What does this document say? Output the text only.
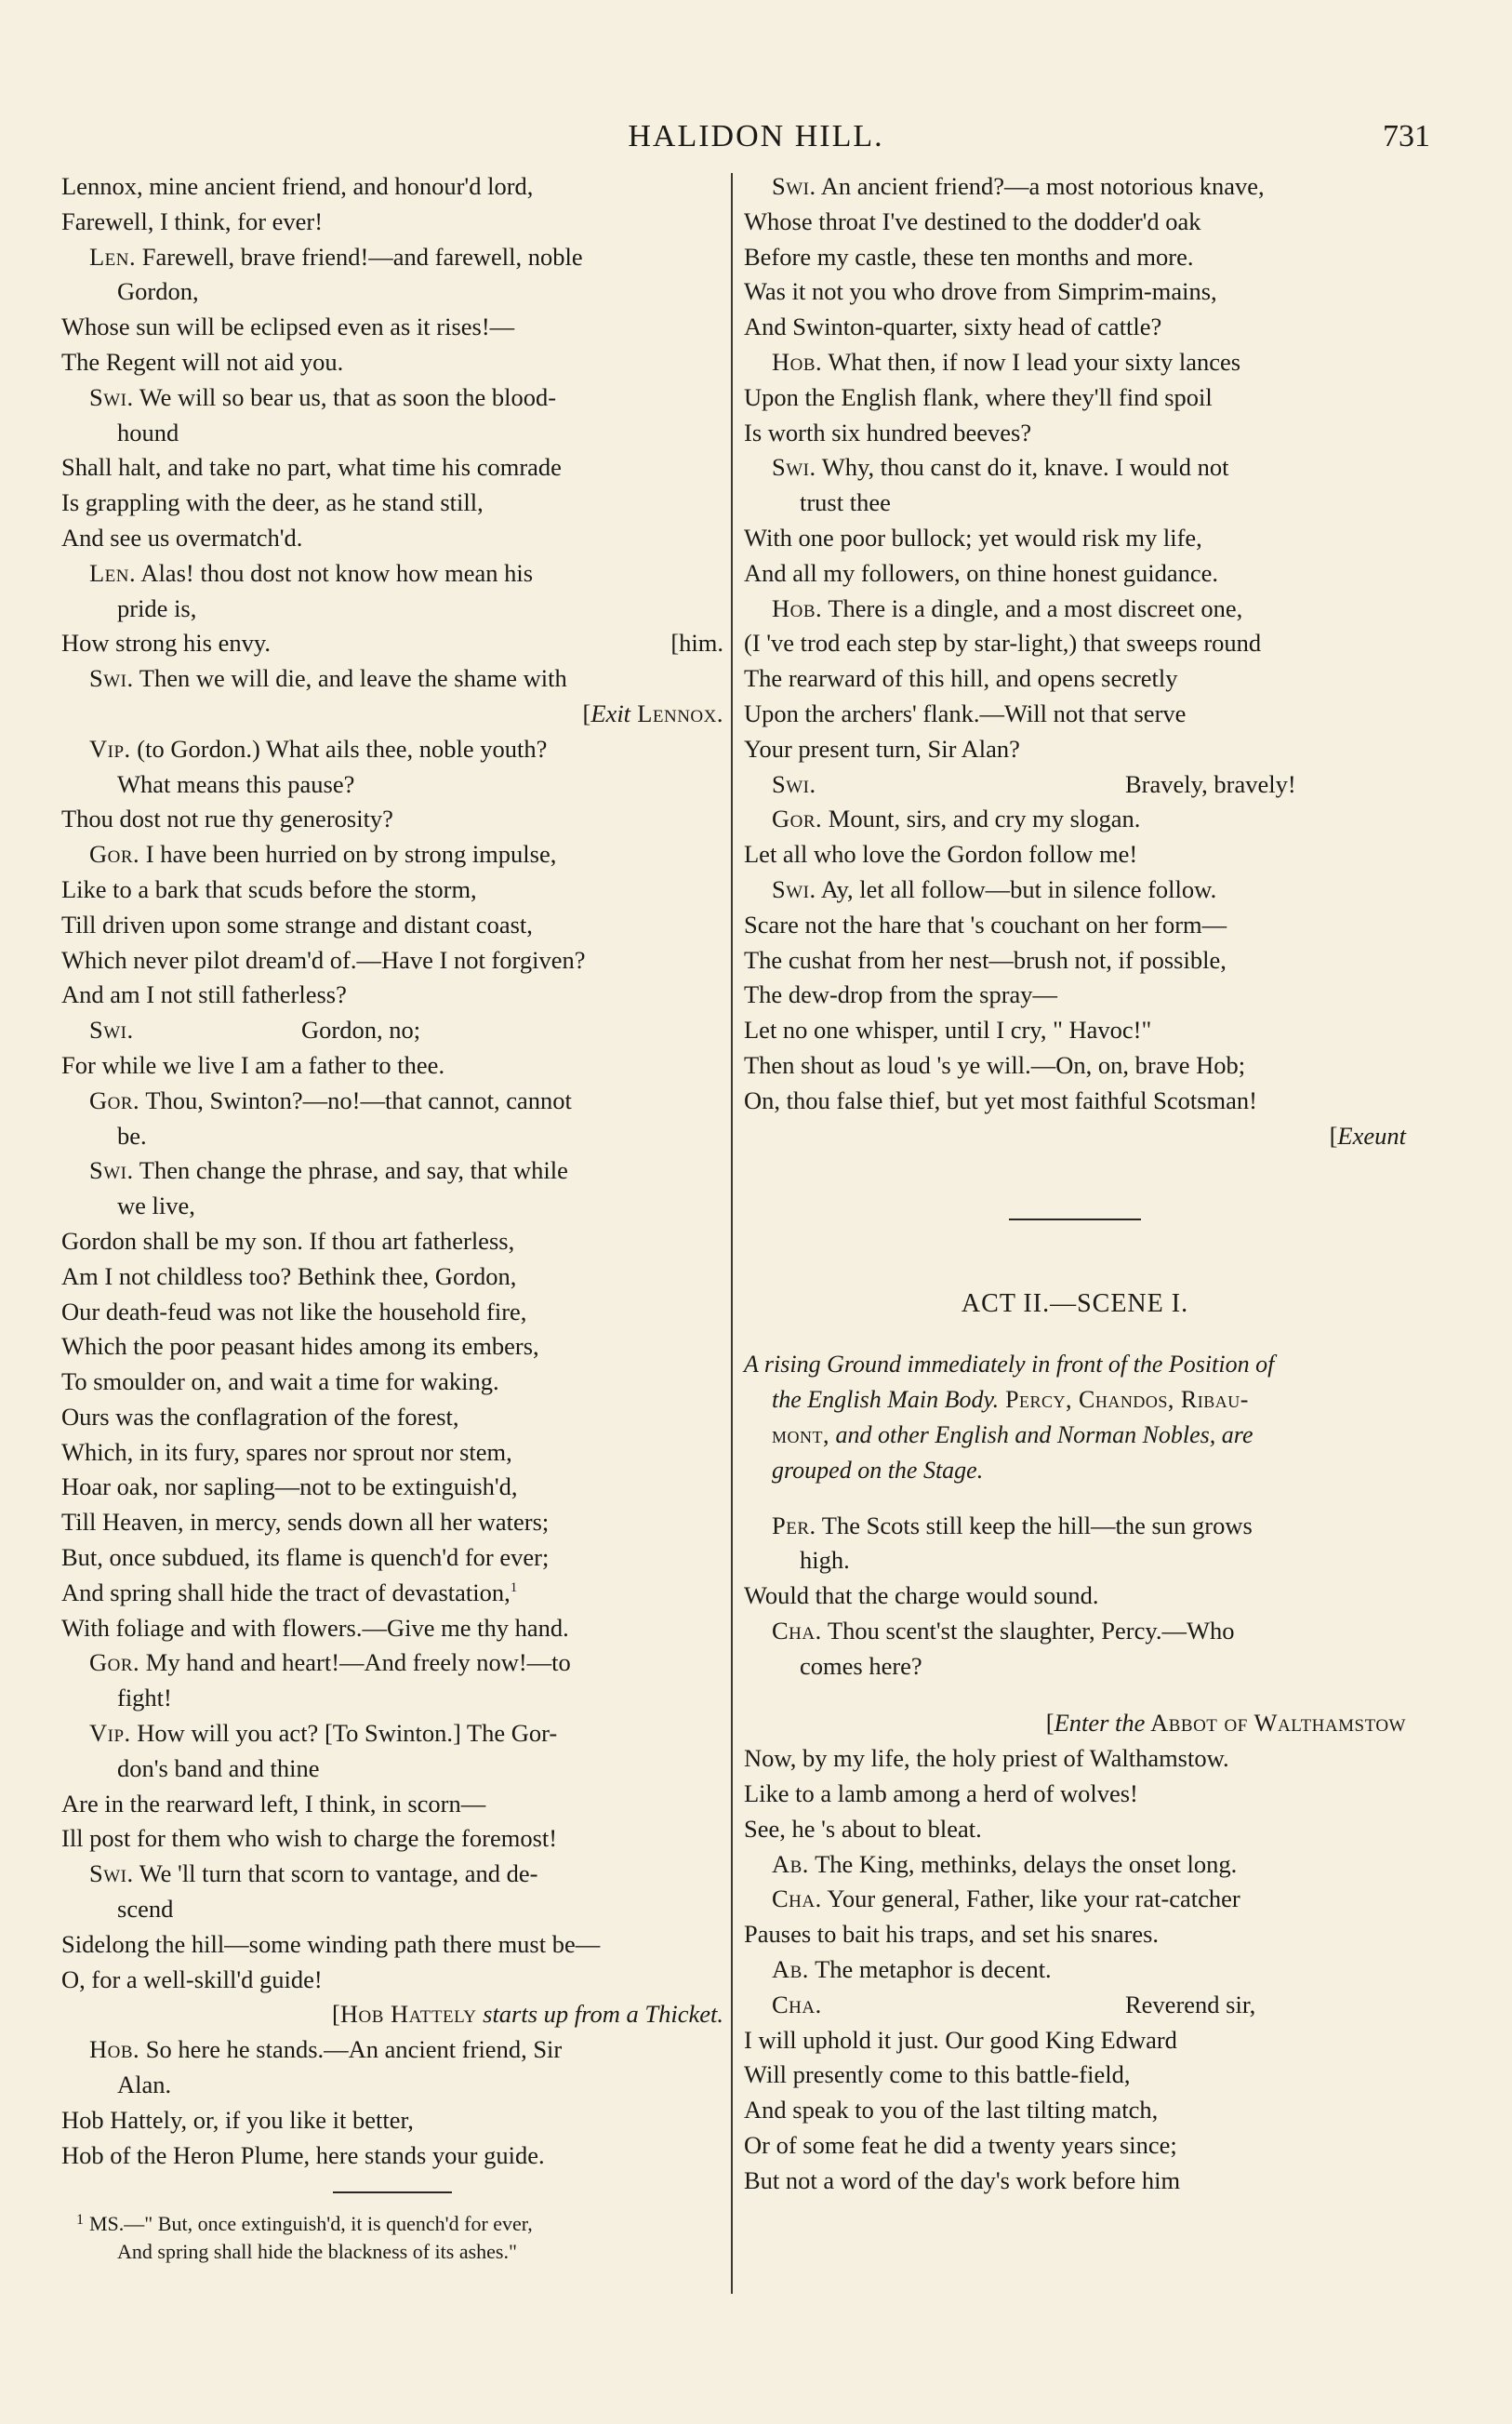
HALIDON HILL.	731
Lennox, mine ancient friend, and honour'd lord,
Farewell, I think, for ever!
Len. Farewell, brave friend!—and farewell, noble
Gordon,
Whose sun will be eclipsed even as it rises!—
The Regent will not aid you.
Swi. We will so bear us, that as soon the blood-
hound
Shall halt, and take no part, what time his comrade
Is grappling with the deer, as he stand still,
And see us overmatch'd.
Len. Alas! thou dost not know how mean his
pride is,
How strong his envy.	[him.
Swi. Then we will die, and leave the shame with
[Exit Lennox.
Vip. (to Gordon.) What ails thee, noble youth?
What means this pause?
Thou dost not rue thy generosity?
Gor. I have been hurried on by strong impulse,
Like to a bark that scuds before the storm,
Till driven upon some strange and distant coast,
Which never pilot dream'd of.—Have I not forgiven?
And am I not still fatherless?
Swi.	Gordon, no;
For while we live I am a father to thee.
Gor. Thou, Swinton?—no!—that cannot, cannot
be.
Swi. Then change the phrase, and say, that while
we live,
Gordon shall be my son. If thou art fatherless,
Am I not childless too? Bethink thee, Gordon,
Our death-feud was not like the household fire,
Which the poor peasant hides among its embers,
To smoulder on, and wait a time for waking.
Ours was the conflagration of the forest,
Which, in its fury, spares nor sprout nor stem,
Hoar oak, nor sapling—not to be extinguish'd,
Till Heaven, in mercy, sends down all her waters;
But, once subdued, its flame is quench'd for ever;
And spring shall hide the tract of devastation,$^1$
With foliage and with flowers.—Give me thy hand.
Gor. My hand and heart!—And freely now!—to
fight!
Vip. How will you act? [To Swinton.] The Gor-
don's band and thine
Are in the rearward left, I think, in scorn—
Ill post for them who wish to charge the foremost!
Swi. We 'll turn that scorn to vantage, and de-
scend
Sidelong the hill—some winding path there must be—
O, for a well-skill'd guide!
[Hob Hattely starts up from a Thicket.
Hob. So here he stands.—An ancient friend, Sir
Alan.
Hob Hattely, or, if you like it better,
Hob of the Heron Plume, here stands your guide.
1 MS.—" But, once extinguish'd, it is quench'd for ever,
And spring shall hide the blackness of its ashes."
Swi. An ancient friend?—a most notorious knave,
Whose throat I've destined to the dodder'd oak
Before my castle, these ten months and more.
Was it not you who drove from Simprim-mains,
And Swinton-quarter, sixty head of cattle?
Hob. What then, if now I lead your sixty lances
Upon the English flank, where they'll find spoil
Is worth six hundred beeves?
Swi. Why, thou canst do it, knave. I would not
trust thee
With one poor bullock; yet would risk my life,
And all my followers, on thine honest guidance.
Hob. There is a dingle, and a most discreet one,
(I 've trod each step by star-light,) that sweeps round
The rearward of this hill, and opens secretly
Upon the archers' flank.—Will not that serve
Your present turn, Sir Alan?
Swi.	Bravely, bravely!
Gor. Mount, sirs, and cry my slogan.
Let all who love the Gordon follow me!
Swi. Ay, let all follow—but in silence follow.
Scare not the hare that 's couchant on her form—
The cushat from her nest—brush not, if possible,
The dew-drop from the spray—
Let no one whisper, until I cry, " Havoc!"
Then shout as loud 's ye will.—On, on, brave Hob;
On, thou false thief, but yet most faithful Scotsman!
[Exeunt
ACT II.—SCENE I.
A rising Ground immediately in front of the Position of
the English Main Body. Percy, Chandos, Ribau-
mont, and other English and Norman Nobles, are
grouped on the Stage.
Per. The Scots still keep the hill—the sun grows
high.
Would that the charge would sound.
Cha. Thou scent'st the slaughter, Percy.—Who
comes here?
[Enter the Abbot of Walthamstow
Now, by my life, the holy priest of Walthamstow.
Like to a lamb among a herd of wolves!
See, he 's about to bleat.
Ab. The King, methinks, delays the onset long.
Cha. Your general, Father, like your rat-catcher
Pauses to bait his traps, and set his snares.
Ab. The metaphor is decent.
Cha.	Reverend sir,
I will uphold it just. Our good King Edward
Will presently come to this battle-field,
And speak to you of the last tilting match,
Or of some feat he did a twenty years since;
But not a word of the day's work before him
